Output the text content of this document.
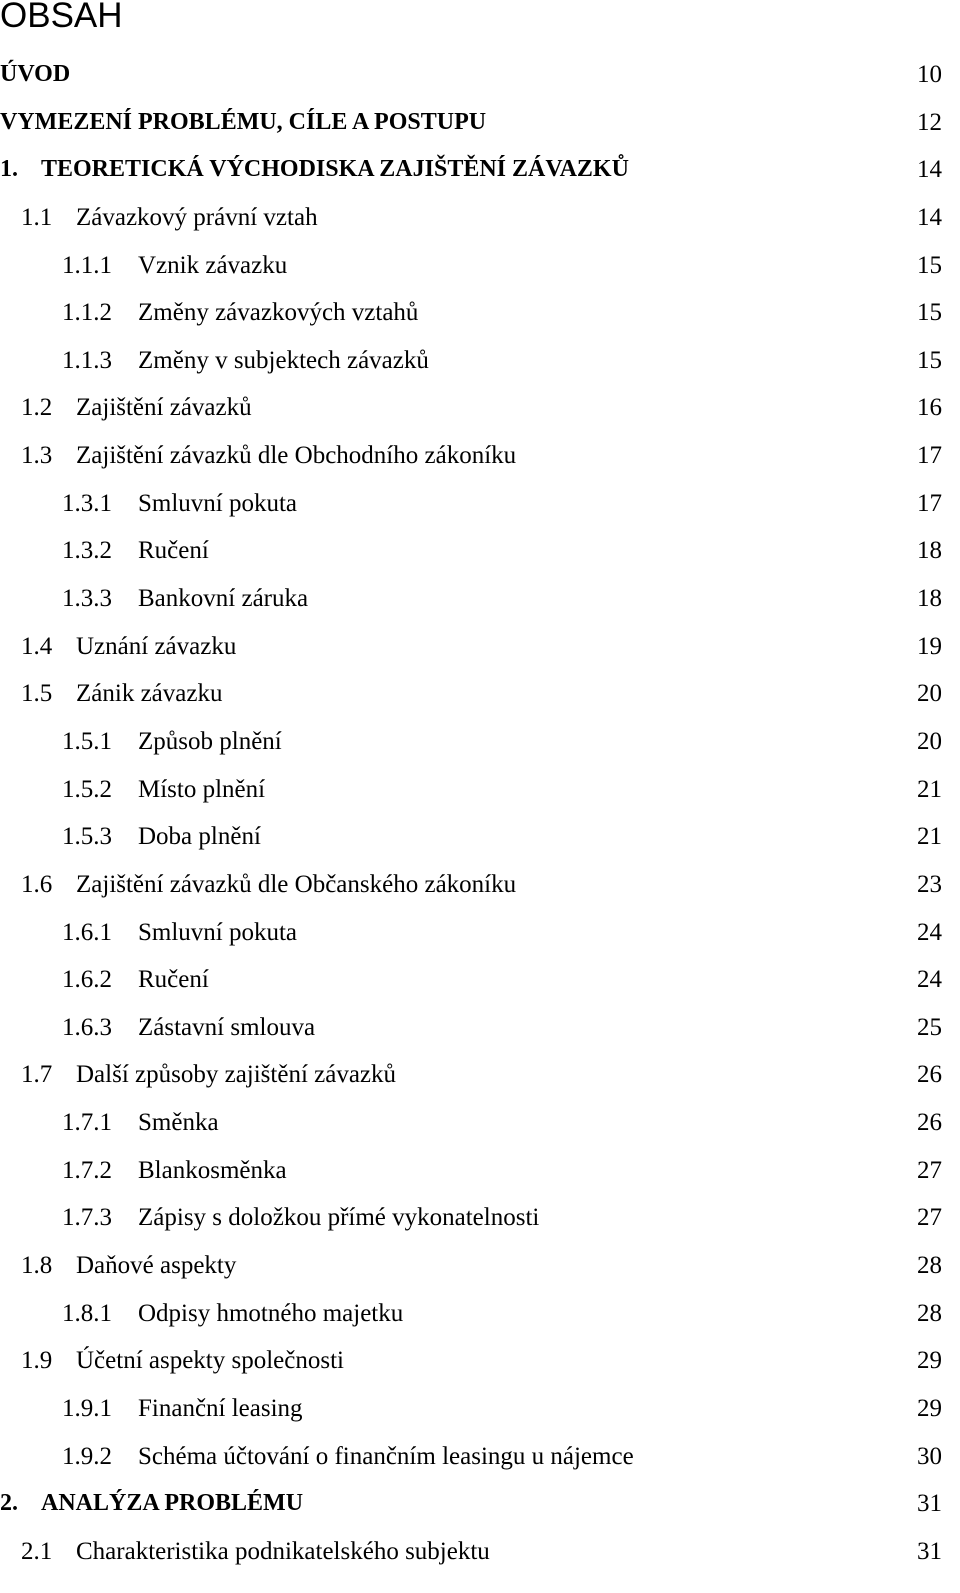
OBSAH
ÚVOD	10
VYMEZENÍ PROBLÉMU, CÍLE A POSTUPU	12
1. TEORETICKÁ VÝCHODISKA ZAJIŠTĚNÍ ZÁVAZKŮ	14
1.1 Závazkový právní vztah	14
1.1.1 Vznik závazku	15
1.1.2 Změny závazkových vztahů	15
1.1.3 Změny v subjektech závazků	15
1.2 Zajištění závazků	16
1.3 Zajištění závazků dle Obchodního zákoníku	17
1.3.1 Smluvní pokuta	17
1.3.2 Ručení	18
1.3.3 Bankovní záruka	18
1.4 Uznání závazku	19
1.5 Zánik závazku	20
1.5.1 Způsob plnění	20
1.5.2 Místo plnění	21
1.5.3 Doba plnění	21
1.6 Zajištění závazků dle Občanského zákoníku	23
1.6.1 Smluvní pokuta	24
1.6.2 Ručení	24
1.6.3 Zástavní smlouva	25
1.7 Další způsoby zajištění závazků	26
1.7.1 Směnka	26
1.7.2 Blankosměnka	27
1.7.3 Zápisy s doložkou přímé vykonatelnosti	27
1.8 Daňové aspekty	28
1.8.1 Odpisy hmotného majetku	28
1.9 Účetní aspekty společnosti	29
1.9.1 Finanční leasing	29
1.9.2 Schéma účtování o finančním leasingu u nájemce	30
2. ANALÝZA PROBLÉMU	31
2.1 Charakteristika podnikatelského subjektu	31
